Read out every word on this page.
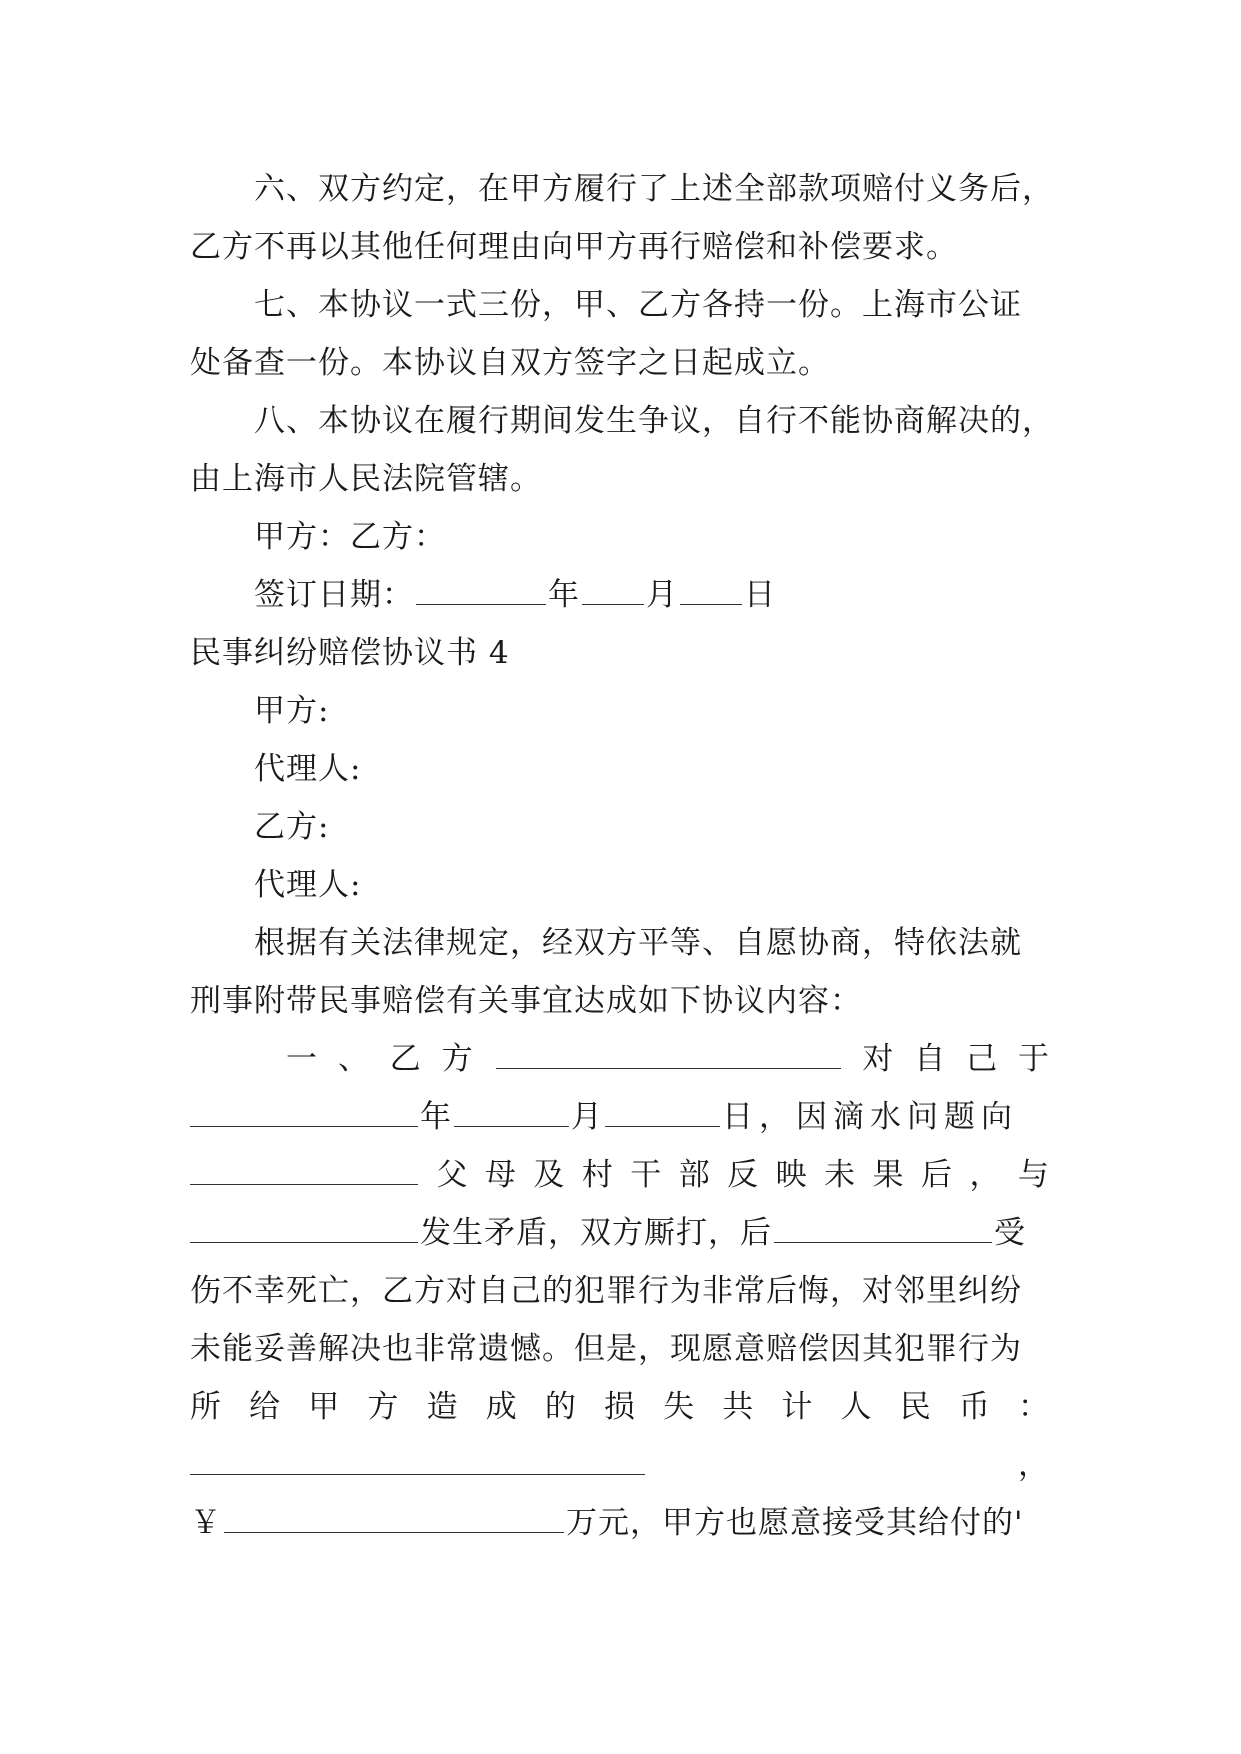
六、双方约定，在甲方履行了上述全部款项赔付义务后，
乙方不再以其他任何理由向甲方再行赔偿和补偿要求。
七、本协议一式三份，甲、乙方各持一份。上海市公证
处备查一份。本协议自双方签字之日起成立。
八、本协议在履行期间发生争议，自行不能协商解决的，
由上海市人民法院管辖。
甲方：乙方：
签订日期：	年 月 日
民事纠纷赔偿协议书 4
甲方:
代理人:
乙方:
代理人:
根据有关法律规定，经双方平等、自愿协商，特依法就
刑事附带民事赔偿有关事宜达成如下协议内容：
一 、 乙 方	对 自 己 于
年	月	日，因滴水问题向
父 母 及 村 干 部 反 映 未 果 后 ， 与
发生矛盾，双方厮打，后	受
伤不幸死亡，乙方对自己的犯罪行为非常后悔，对邻里纠纷
未能妥善解决也非常遗憾。但是，现愿意赔偿因其犯罪行为
所 给 甲 方 造 成 的 损 失 共 计 人 民 币 ：
，
￥	万元，甲方也愿意接受其给付的'
